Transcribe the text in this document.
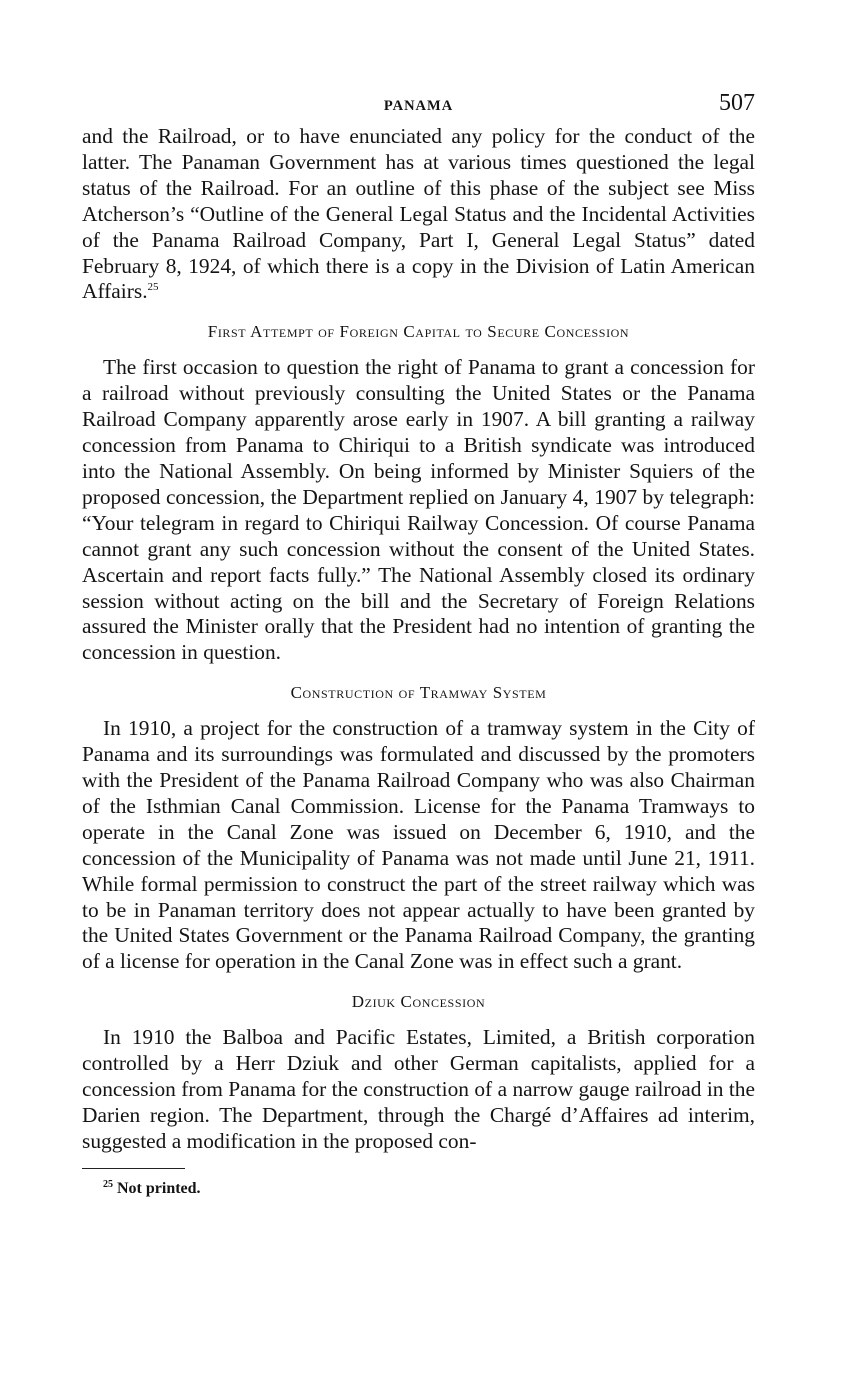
PANAMA	507

and the Railroad, or to have enunciated any policy for the conduct of the latter. The Panaman Government has at various times questioned the legal status of the Railroad. For an outline of this phase of the subject see Miss Atcherson’s “Outline of the General Legal Status and the Incidental Activities of the Panama Railroad Company, Part I, General Legal Status” dated February 8, 1924, of which there is a copy in the Division of Latin American Affairs.$^{25}$

First Attempt of Foreign Capital to Secure Concession

The first occasion to question the right of Panama to grant a concession for a railroad without previously consulting the United States or the Panama Railroad Company apparently arose early in 1907. A bill granting a railway concession from Panama to Chiriqui to a British syndicate was introduced into the National Assembly. On being informed by Minister Squiers of the proposed concession, the Department replied on January 4, 1907 by telegraph: “Your telegram in regard to Chiriqui Railway Concession. Of course Panama cannot grant any such concession without the consent of the United States. Ascertain and report facts fully.” The National Assembly closed its ordinary session without acting on the bill and the Secretary of Foreign Relations assured the Minister orally that the President had no intention of granting the concession in question.

Construction of Tramway System

In 1910, a project for the construction of a tramway system in the City of Panama and its surroundings was formulated and discussed by the promoters with the President of the Panama Railroad Company who was also Chairman of the Isthmian Canal Commission. License for the Panama Tramways to operate in the Canal Zone was issued on December 6, 1910, and the concession of the Municipality of Panama was not made until June 21, 1911. While formal permission to construct the part of the street railway which was to be in Panaman territory does not appear actually to have been granted by the United States Government or the Panama Railroad Company, the granting of a license for operation in the Canal Zone was in effect such a grant.

Dziuk Concession

In 1910 the Balboa and Pacific Estates, Limited, a British corporation controlled by a Herr Dziuk and other German capitalists, applied for a concession from Panama for the construction of a narrow gauge railroad in the Darien region. The Department, through the Chargé d’Affaires ad interim, suggested a modification in the proposed con-

$^{25}$ Not printed.
